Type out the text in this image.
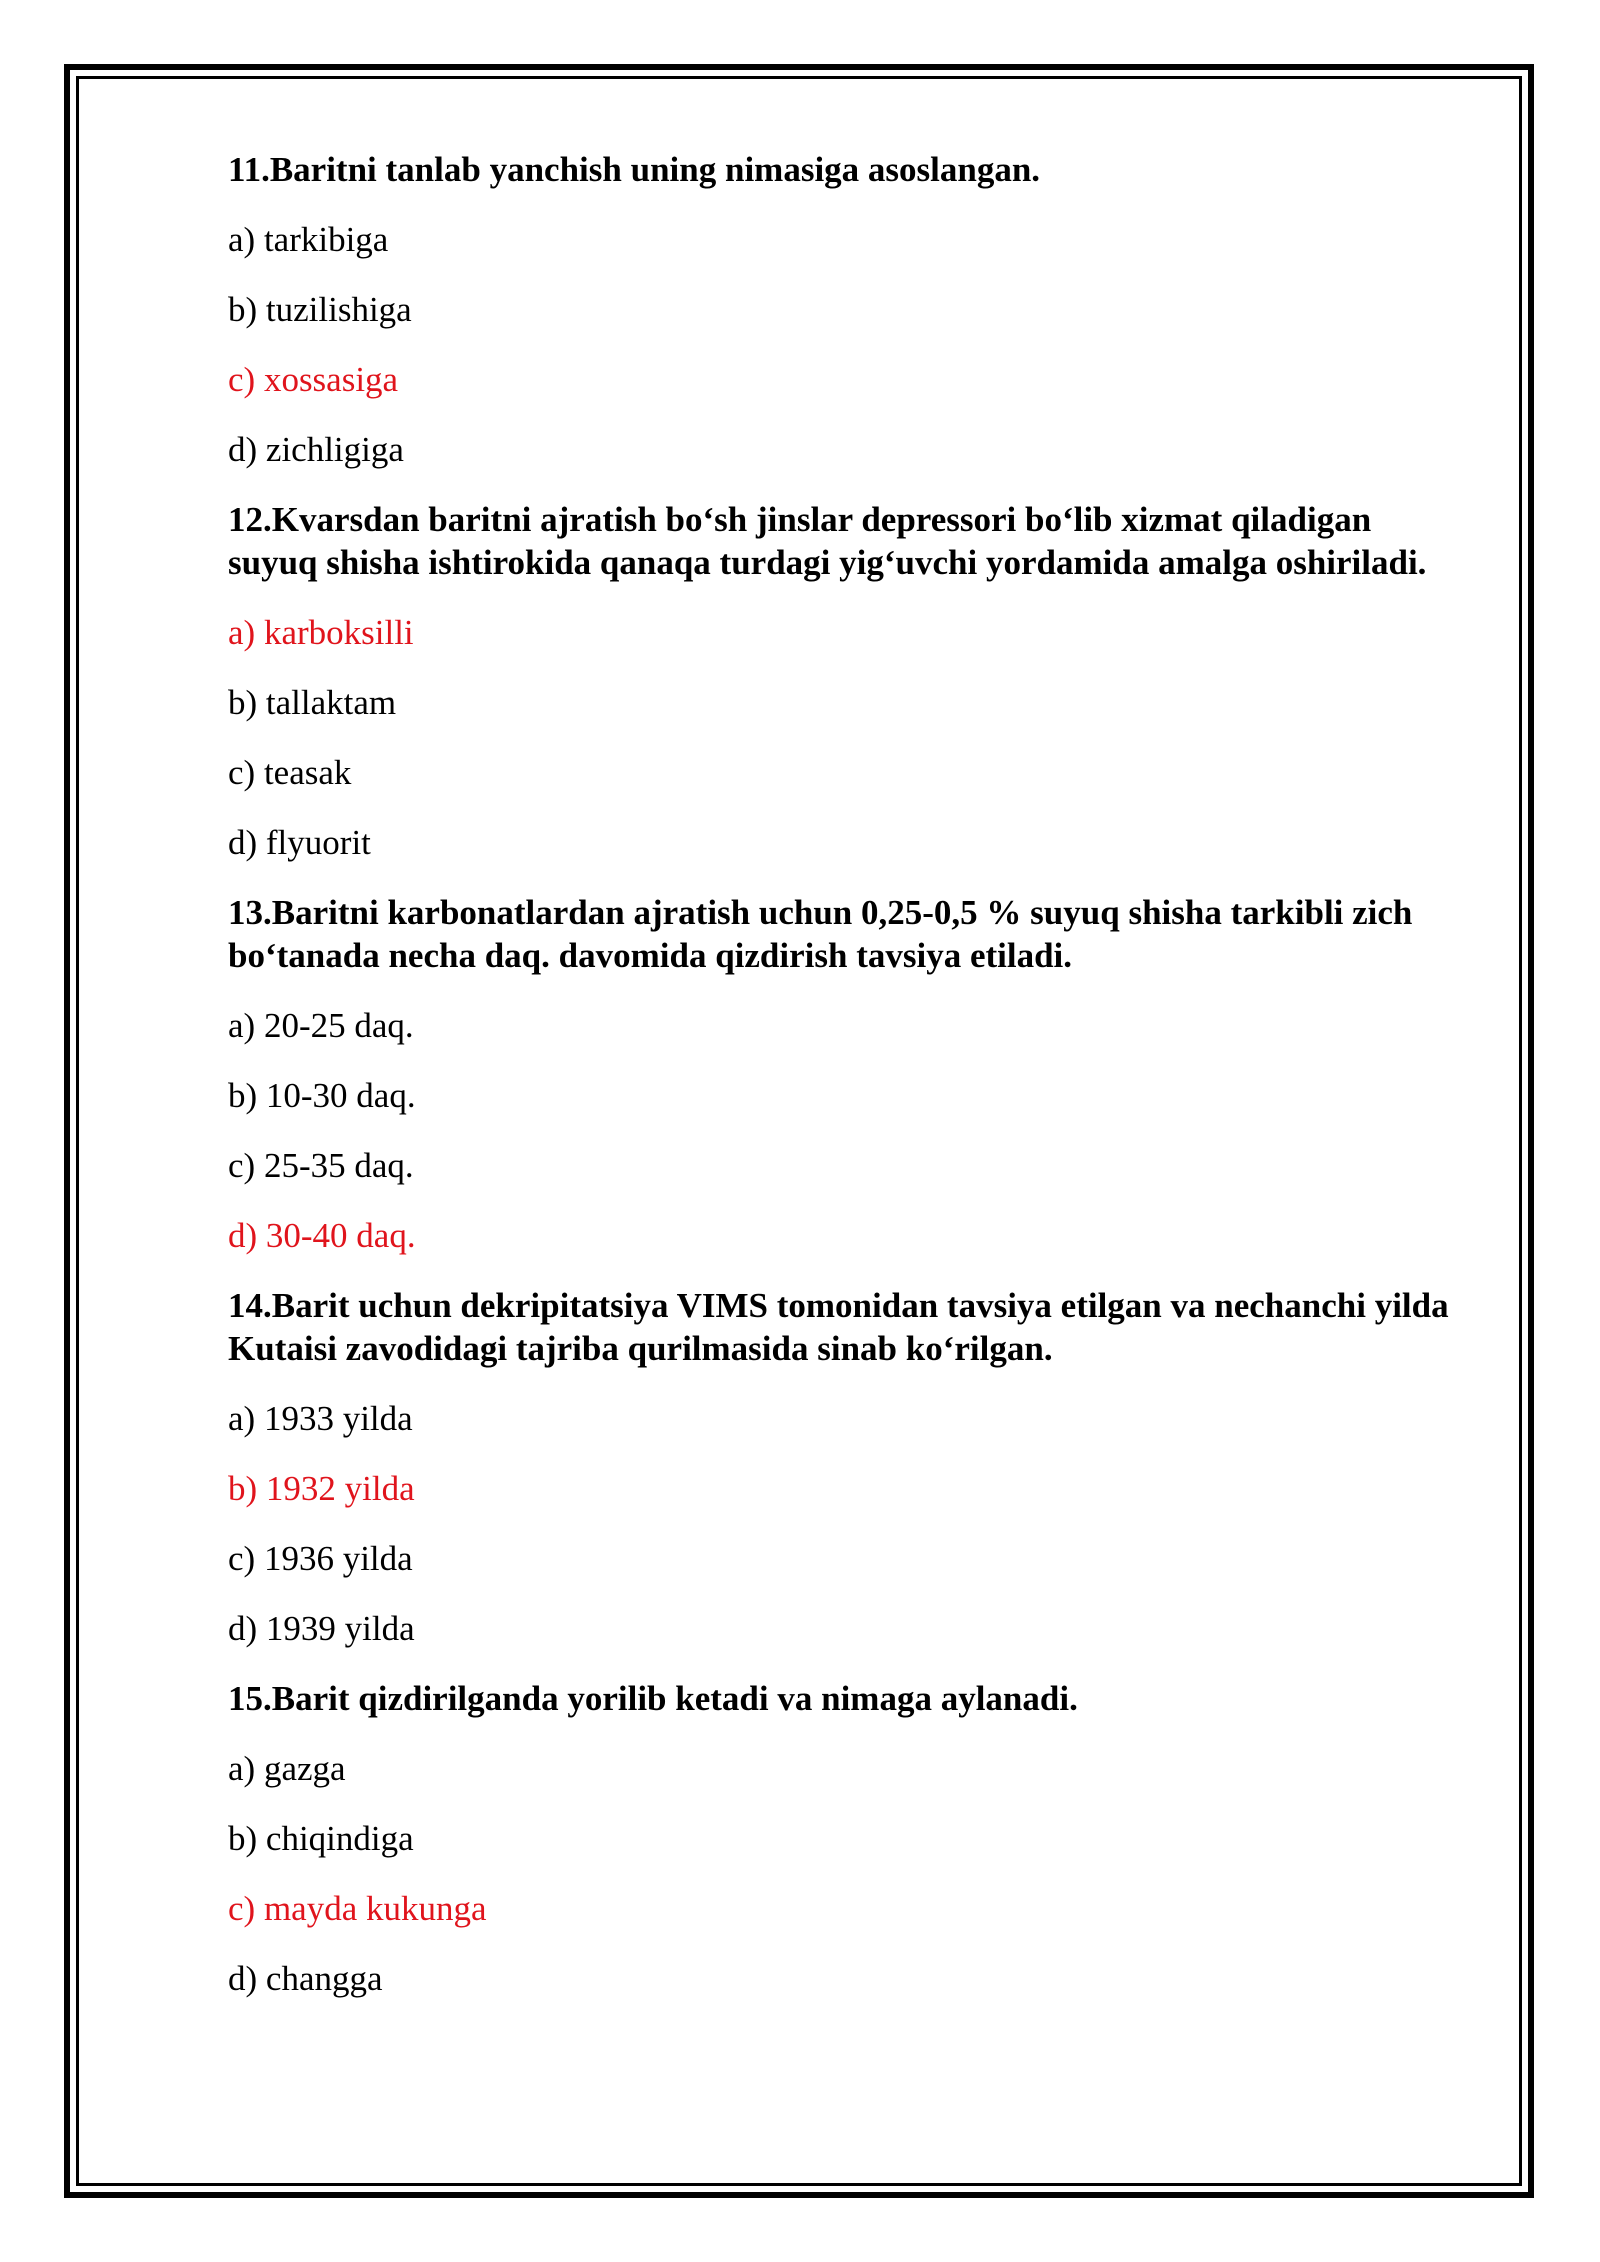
11.Baritni tanlab yanchish uning nimasiga asoslangan.

a) tarkibiga

b) tuzilishiga

c) xossasiga

d) zichligiga

12.Kvarsdan baritni ajratish bo‘sh jinslar depressori bo‘lib xizmat qiladigan suyuq shisha ishtirokida qanaqa turdagi yig‘uvchi yordamida amalga oshiriladi.

a) karboksilli

b) tallaktam

c) teasak

d) flyuorit

13.Baritni karbonatlardan ajratish uchun 0,25-0,5 % suyuq shisha tarkibli zich bo‘tanada necha daq. davomida qizdirish tavsiya etiladi.

a) 20-25 daq.

b) 10-30 daq.

c) 25-35 daq.

d) 30-40 daq.

14.Barit uchun dekripitatsiya VIMS tomonidan tavsiya etilgan va nechanchi yilda Kutaisi zavodidagi tajriba qurilmasida sinab ko‘rilgan.

a) 1933 yilda

b) 1932 yilda

c) 1936 yilda

d) 1939 yilda

15.Barit qizdirilganda yorilib ketadi va nimaga aylanadi.

a) gazga

b) chiqindiga

c) mayda kukunga

d) changga
